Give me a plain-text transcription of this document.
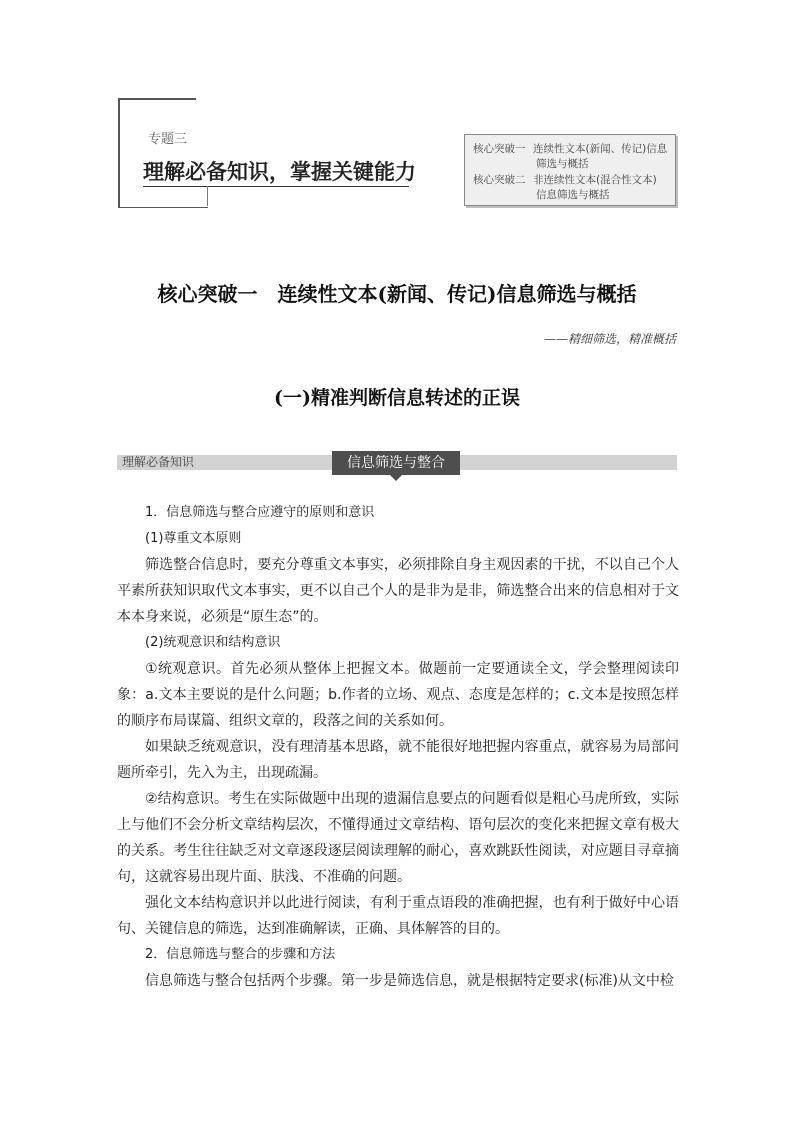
专题三
理解必备知识，掌握关键能力
核心突破一 连续性文本(新闻、传记)信息
筛选与概括
核心突破二 非连续性文本(混合性文本)
信息筛选与概括
核心突破一　连续性文本(新闻、传记)信息筛选与概括
——精细筛选，精准概括
(一)精准判断信息转述的正误
理解必备知识	信息筛选与整合

1．信息筛选与整合应遵守的原则和意识

(1)尊重文本原则

筛选整合信息时，要充分尊重文本事实，必须排除自身主观因素的干扰，不以自己个人平素所获知识取代文本事实，更不以自己个人的是非为是非，筛选整合出来的信息相对于文本本身来说，必须是“原生态”的。

(2)统观意识和结构意识

①统观意识。首先必须从整体上把握文本。做题前一定要通读全文，学会整理阅读印象：a.文本主要说的是什么问题；b.作者的立场、观点、态度是怎样的；c.文本是按照怎样的顺序布局谋篇、组织文章的，段落之间的关系如何。

如果缺乏统观意识，没有理清基本思路，就不能很好地把握内容重点，就容易为局部问题所牵引，先入为主，出现疏漏。

②结构意识。考生在实际做题中出现的遗漏信息要点的问题看似是粗心马虎所致，实际上与他们不会分析文章结构层次，不懂得通过文章结构、语句层次的变化来把握文章有极大的关系。考生往往缺乏对文章逐段逐层阅读理解的耐心，喜欢跳跃性阅读，对应题目寻章摘句，这就容易出现片面、肤浅、不准确的问题。

强化文本结构意识并以此进行阅读，有利于重点语段的准确把握，也有利于做好中心语句、关键信息的筛选，达到准确解读，正确、具体解答的目的。

2．信息筛选与整合的步骤和方法

信息筛选与整合包括两个步骤。第一步是筛选信息，就是根据特定要求(标准)从文中检
